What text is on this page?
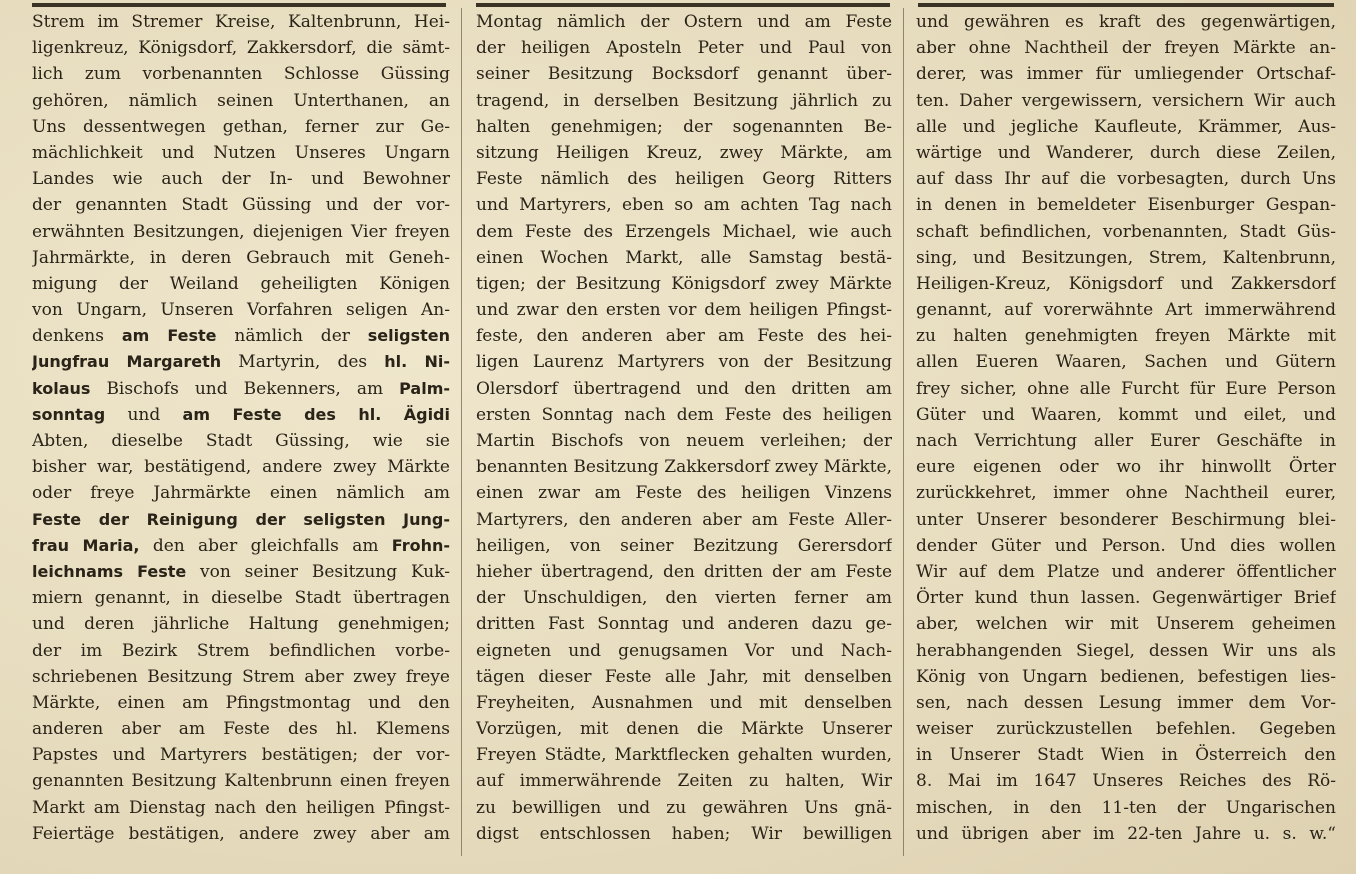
Strem im Stremer Kreise, Kaltenbrunn, Hei-
ligenkreuz, Königsdorf, Zakkersdorf, die sämt-
lich zum vorbenannten Schlosse Güssing
gehören, nämlich seinen Unterthanen, an
Uns dessentwegen gethan, ferner zur Ge-
mächlichkeit und Nutzen Unseres Ungarn
Landes wie auch der In- und Bewohner
der genannten Stadt Güssing und der vor-
erwähnten Besitzungen, diejenigen Vier freyen
Jahrmärkte, in deren Gebrauch mit Geneh-
migung der Weiland geheiligten Königen
von Ungarn, Unseren Vorfahren seligen An-
denkens am Feste nämlich der seligsten
Jungfrau Margareth Martyrin, des hl. Ni-
kolaus Bischofs und Bekenners, am Palm-
sonntag und am Feste des hl. Ägidi
Abten, dieselbe Stadt Güssing, wie sie
bisher war, bestätigend, andere zwey Märkte
oder freye Jahrmärkte einen nämlich am
Feste der Reinigung der seligsten Jung-
frau Maria, den aber gleichfalls am Frohn-
leichnams Feste von seiner Besitzung Kuk-
miern genannt, in dieselbe Stadt übertragen
und deren jährliche Haltung genehmigen;
der im Bezirk Strem befindlichen vorbe-
schriebenen Besitzung Strem aber zwey freye
Märkte, einen am Pfingstmontag und den
anderen aber am Feste des hl. Klemens
Papstes und Martyrers bestätigen; der vor-
genannten Besitzung Kaltenbrunn einen freyen
Markt am Dienstag nach den heiligen Pfingst-
Feiertäge bestätigen, andere zwey aber am
Montag nämlich der Ostern und am Feste
der heiligen Aposteln Peter und Paul von
seiner Besitzung Bocksdorf genannt über-
tragend, in derselben Besitzung jährlich zu
halten genehmigen; der sogenannten Be-
sitzung Heiligen Kreuz, zwey Märkte, am
Feste nämlich des heiligen Georg Ritters
und Martyrers, eben so am achten Tag nach
dem Feste des Erzengels Michael, wie auch
einen Wochen Markt, alle Samstag bestä-
tigen; der Besitzung Königsdorf zwey Märkte
und zwar den ersten vor dem heiligen Pfingst-
feste, den anderen aber am Feste des hei-
ligen Laurenz Martyrers von der Besitzung
Olersdorf übertragend und den dritten am
ersten Sonntag nach dem Feste des heiligen
Martin Bischofs von neuem verleihen; der
benannten Besitzung Zakkersdorf zwey Märkte,
einen zwar am Feste des heiligen Vinzens
Martyrers, den anderen aber am Feste Aller-
heiligen, von seiner Bezitzung Gerersdorf
hieher übertragend, den dritten der am Feste
der Unschuldigen, den vierten ferner am
dritten Fast Sonntag und anderen dazu ge-
eigneten und genugsamen Vor und Nach-
tägen dieser Feste alle Jahr, mit denselben
Freyheiten, Ausnahmen und mit denselben
Vorzügen, mit denen die Märkte Unserer
Freyen Städte, Marktflecken gehalten wurden,
auf immerwährende Zeiten zu halten, Wir
zu bewilligen und zu gewähren Uns gnä-
digst entschlossen haben; Wir bewilligen
und gewähren es kraft des gegenwärtigen,
aber ohne Nachtheil der freyen Märkte an-
derer, was immer für umliegender Ortschaf-
ten. Daher vergewissern, versichern Wir auch
alle und jegliche Kaufleute, Krämmer, Aus-
wärtige und Wanderer, durch diese Zeilen,
auf dass Ihr auf die vorbesagten, durch Uns
in denen in bemeldeter Eisenburger Gespan-
schaft befindlichen, vorbenannten, Stadt Güs-
sing, und Besitzungen, Strem, Kaltenbrunn,
Heiligen-Kreuz, Königsdorf und Zakkersdorf
genannt, auf vorerwähnte Art immerwährend
zu halten genehmigten freyen Märkte mit
allen Eueren Waaren, Sachen und Gütern
frey sicher, ohne alle Furcht für Eure Person
Güter und Waaren, kommt und eilet, und
nach Verrichtung aller Eurer Geschäfte in
eure eigenen oder wo ihr hinwollt Örter
zurückkehret, immer ohne Nachtheil eurer,
unter Unserer besonderer Beschirmung blei-
dender Güter und Person. Und dies wollen
Wir auf dem Platze und anderer öffentlicher
Örter kund thun lassen. Gegenwärtiger Brief
aber, welchen wir mit Unserem geheimen
herabhangenden Siegel, dessen Wir uns als
König von Ungarn bedienen, befestigen lies-
sen, nach dessen Lesung immer dem Vor-
weiser zurückzustellen befehlen. Gegeben
in Unserer Stadt Wien in Österreich den
8. Mai im 1647 Unseres Reiches des Rö-
mischen, in den 11-ten der Ungarischen
und übrigen aber im 22-ten Jahre u. s. w.“
